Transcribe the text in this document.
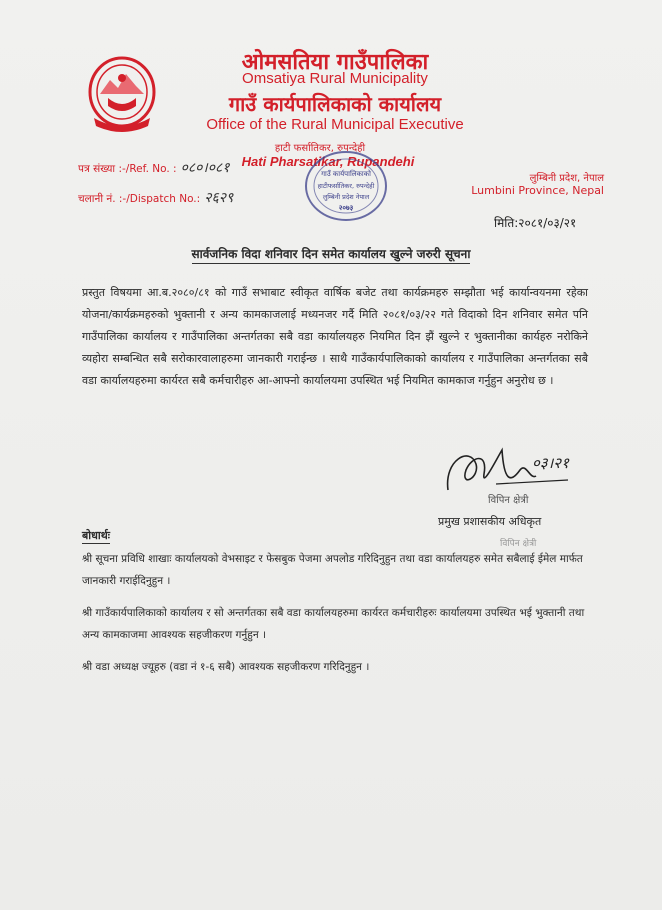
ओमसतिया गाउँपालिका
Omsatiya Rural Municipality
गाउँ कार्यपालिकाको कार्यालय
Office of the Rural Municipal Executive
हाटी फर्सातिकर, रुपन्देही
Hati Pharsatikar, Rupandehi
पत्र संख्या :-/Ref. No. : ०८०।०८१
चलानी नं. :-/Dispatch No.: २६२९
लुम्बिनी प्रदेश, नेपाल
Lumbini Province, Nepal
गाउँ कार्यपालिकाको
हाटीफर्सातिकर, रुपन्देही
लुम्बिनी प्रदेश नेपाल
२०७३
मिति:२०८१/०३/२१
सार्वजनिक विदा शनिवार दिन समेत कार्यालय खुल्ने जरुरी सूचना
प्रस्तुत विषयमा आ.ब.२०८०/८१ को गाउँ सभाबाट स्वीकृत वार्षिक बजेट तथा कार्यक्रमहरु सम्झौता भई कार्यान्वयनमा रहेका योजना/कार्यक्रमहरुको भुक्तानी र अन्य कामकाजलाई मध्यनजर गर्दै मिति २०८१/०३/२२ गते विदाको दिन शनिवार समेत पनि गाउँपालिका कार्यालय र गाउँपालिका अन्तर्गतका सबै वडा कार्यालयहरु नियमित दिन झैं खुल्ने र भुक्तानीका कार्यहरु नरोकिने व्यहोरा सम्बन्धित सबै सरोकारवालाहरुमा जानकारी गराईन्छ । साथै गाउँकार्यपालिकाको कार्यालय र गाउँपालिका अन्तर्गतका सबै वडा कार्यालयहरुमा कार्यरत सबै कर्मचारीहरु आ-आफ्नो कार्यालयमा उपस्थित भई नियमित कामकाज गर्नुहुन अनुरोध छ ।
०३।२१
विपिन क्षेत्री
प्रमुख प्रशासकीय अधिकृत
विपिन क्षेत्री
बोधार्थः
श्री सूचना प्रविधि शाखाः कार्यालयको वेभसाइट र फेसबुक पेजमा अपलोड गरिदिनुहुन तथा वडा कार्यालयहरु समेत सबैलाई ईमेल मार्फत जानकारी गराईदिनुहुन ।
श्री गाउँकार्यपालिकाको कार्यालय र सो अन्तर्गतका सबै वडा कार्यालयहरुमा कार्यरत कर्मचारीहरुः कार्यालयमा उपस्थित भई भुक्तानी तथा अन्य कामकाजमा आवश्यक सहजीकरण गर्नुहुन ।
श्री वडा अध्यक्ष ज्यूहरु (वडा नं १-६ सबै) आवश्यक सहजीकरण गरिदिनुहुन ।
